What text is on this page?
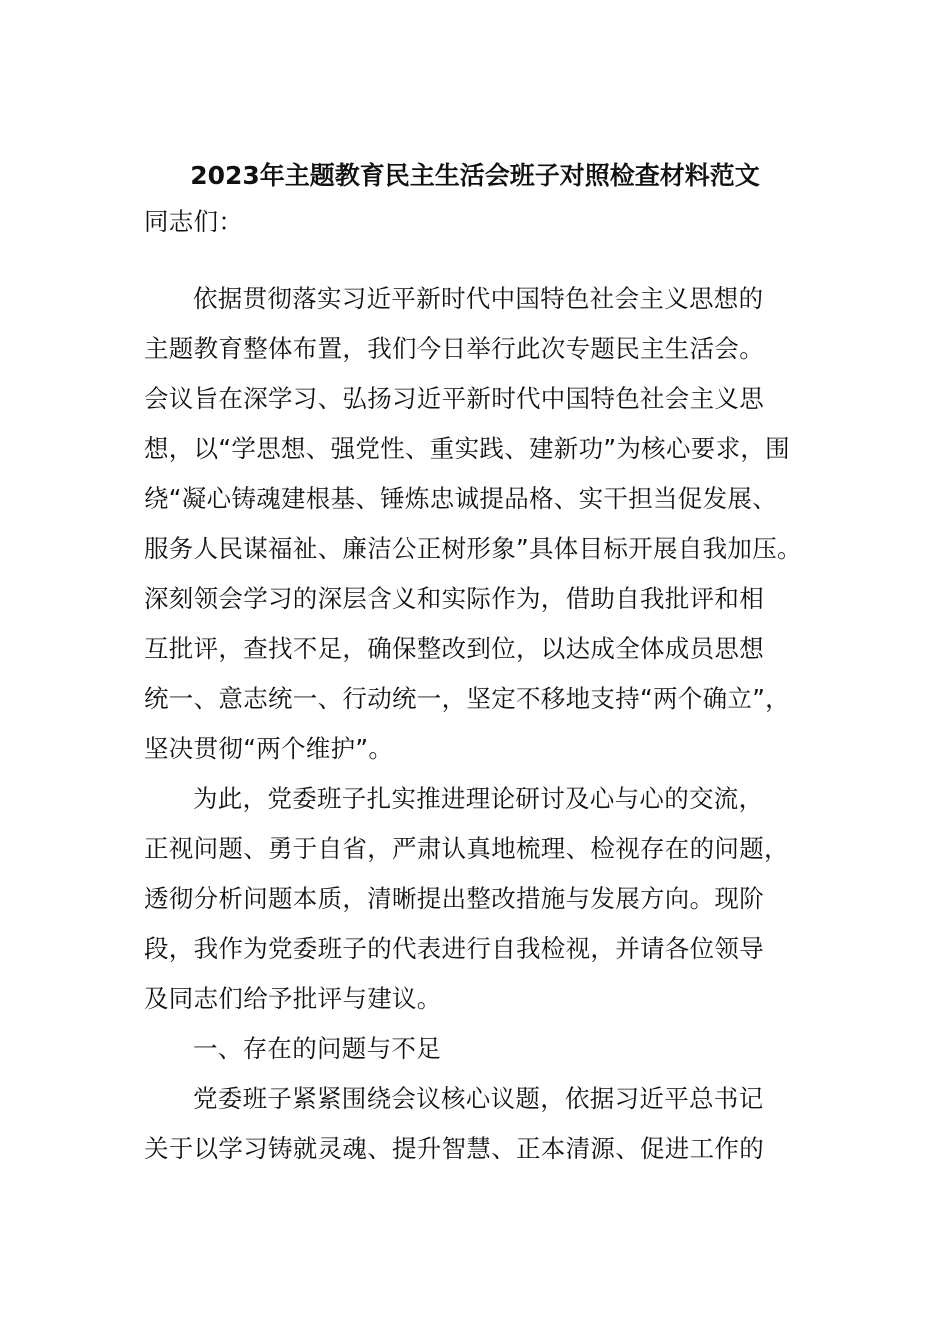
2023年主题教育民主生活会班子对照检查材料范文
同志们：
依据贯彻落实习近平新时代中国特色社会主义思想的
主题教育整体布置，我们今日举行此次专题民主生活会。
会议旨在深学习、弘扬习近平新时代中国特色社会主义思
想，以“学思想、强党性、重实践、建新功”为核心要求，围
绕“凝心铸魂建根基、锤炼忠诚提品格、实干担当促发展、
服务人民谋福祉、廉洁公正树形象”具体目标开展自我加压。
深刻领会学习的深层含义和实际作为，借助自我批评和相
互批评，查找不足，确保整改到位，以达成全体成员思想
统一、意志统一、行动统一，坚定不移地支持“两个确立”，
坚决贯彻“两个维护”。
为此，党委班子扎实推进理论研讨及心与心的交流，
正视问题、勇于自省，严肃认真地梳理、检视存在的问题，
透彻分析问题本质，清晰提出整改措施与发展方向。现阶
段，我作为党委班子的代表进行自我检视，并请各位领导
及同志们给予批评与建议。
一、存在的问题与不足
党委班子紧紧围绕会议核心议题，依据习近平总书记
关于以学习铸就灵魂、提升智慧、正本清源、促进工作的
